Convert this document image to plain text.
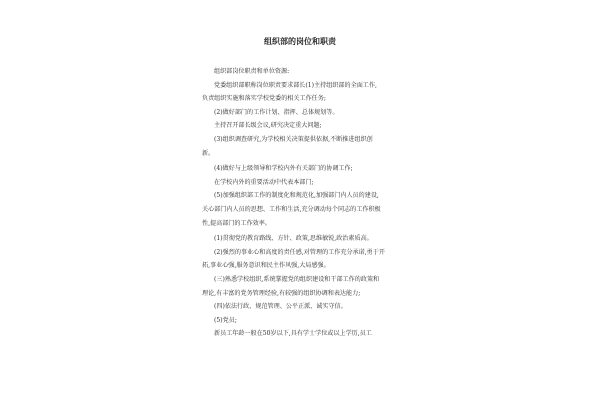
组织部的岗位和职责
组织部岗位职责和单位资源:
党委组织部职称岗位职责要求部长(1)主持组织部的全面工作,
负责组织实施和落实学校党委的相关工作任务;
(2)做好部门的工作计划、指挥、总体规划等。
主持召开部长级会议,研究决定重大问题;
(3)组织调查研究,为学校相关决策提供依据,不断推进组织创
新。
(4)做好与上级领导和学校内外有关部门的协调工作;
在学校内外的重要活动中代表本部门;
(5)加强组织部工作的制度化和规范化,加强部门内人员的建设,
关心部门内人员的思想、工作和生活,充分调动每个同志的工作积极
性,提高部门的工作效率。
(1)贯彻党的教育路线、方针、政策,思维敏锐,政治素质高。
(2)强烈的事业心和高度的责任感,对管理的工作充分承诺,勇于开
拓,事业心强,服务意识和民主作风强,大局感强。
(三)熟悉学校组织,系统掌握党的组织建设和干部工作的政策和
理论,有丰富的党务管理经验,有较强的组织协调和表达能力;
(四)依法行政、规范管理、公平正派、诚实守信。
(5)党员;
新员工年龄一般在50岁以下,具有学士学位或以上学历,员工
